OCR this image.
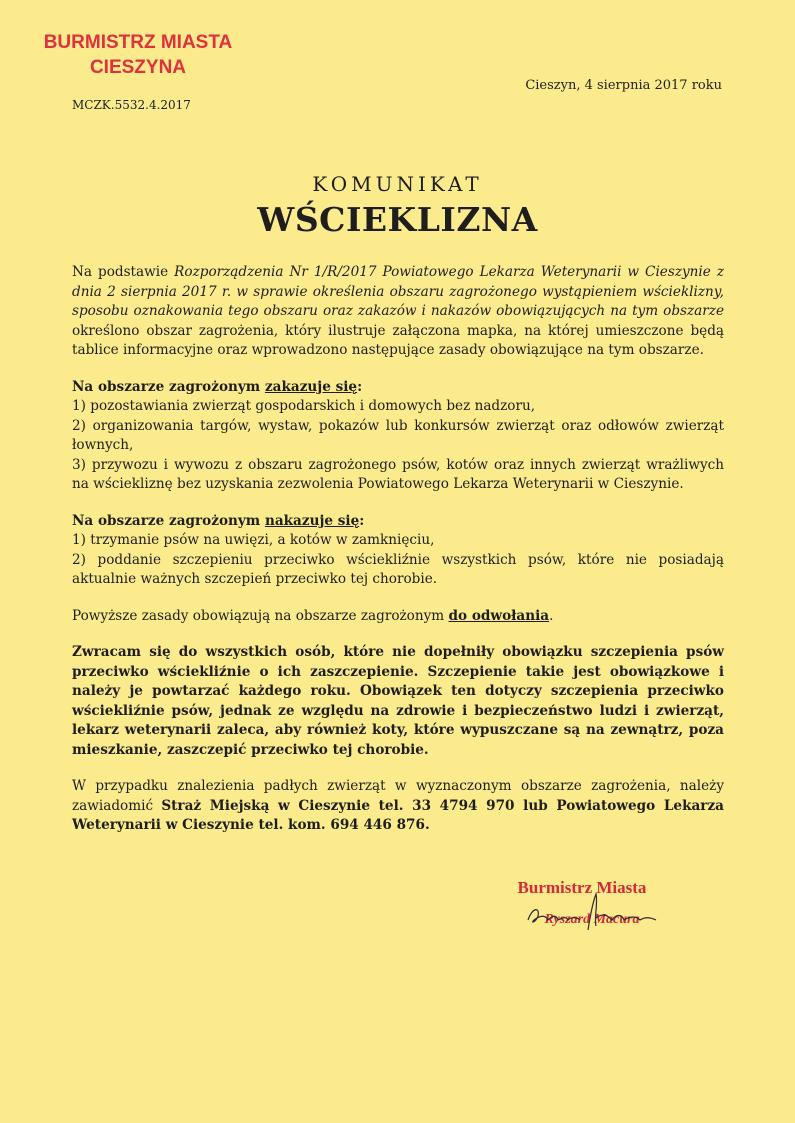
BURMISTRZ MIASTA
CIESZYNA
Cieszyn, 4 sierpnia 2017 roku
MCZK.5532.4.2017
KOMUNIKAT
WŚCIEKLIZNA

Na podstawie Rozporządzenia Nr 1/R/2017 Powiatowego Lekarza Weterynarii w Cieszynie z dnia 2 sierpnia 2017 r. w sprawie określenia obszaru zagrożonego wystąpieniem wścieklizny, sposobu oznakowania tego obszaru oraz zakazów i nakazów obowiązujących na tym obszarze określono obszar zagrożenia, który ilustruje załączona mapka, na której umieszczone będą tablice informacyjne oraz wprowadzono następujące zasady obowiązujące na tym obszarze.

Na obszarze zagrożonym zakazuje się:
1) pozostawiania zwierząt gospodarskich i domowych bez nadzoru,
2) organizowania targów, wystaw, pokazów lub konkursów zwierząt oraz odłowów zwierząt łownych,
3) przywozu i wywozu z obszaru zagrożonego psów, kotów oraz innych zwierząt wrażliwych na wściekliznę bez uzyskania zezwolenia Powiatowego Lekarza Weterynarii w Cieszynie.

Na obszarze zagrożonym nakazuje się:
1) trzymanie psów na uwięzi, a kotów w zamknięciu,
2) poddanie szczepieniu przeciwko wściekliźnie wszystkich psów, które nie posiadają aktualnie ważnych szczepień przeciwko tej chorobie.

Powyższe zasady obowiązują na obszarze zagrożonym do odwołania.

Zwracam się do wszystkich osób, które nie dopełniły obowiązku szczepienia psów przeciwko wściekliźnie o ich zaszczepienie. Szczepienie takie jest obowiązkowe i należy je powtarzać każdego roku. Obowiązek ten dotyczy szczepienia przeciwko wściekliźnie psów, jednak ze względu na zdrowie i bezpieczeństwo ludzi i zwierząt, lekarz weterynarii zaleca, aby również koty, które wypuszczane są na zewnątrz, poza mieszkanie, zaszczepić przeciwko tej chorobie.

W przypadku znalezienia padłych zwierząt w wyznaczonym obszarze zagrożenia, należy zawiadomić Straż Miejską w Cieszynie tel. 33 4794 970 lub Powiatowego Lekarza Weterynarii w Cieszynie tel. kom. 694 446 876.

Burmistrz Miasta
Ryszard Macura
